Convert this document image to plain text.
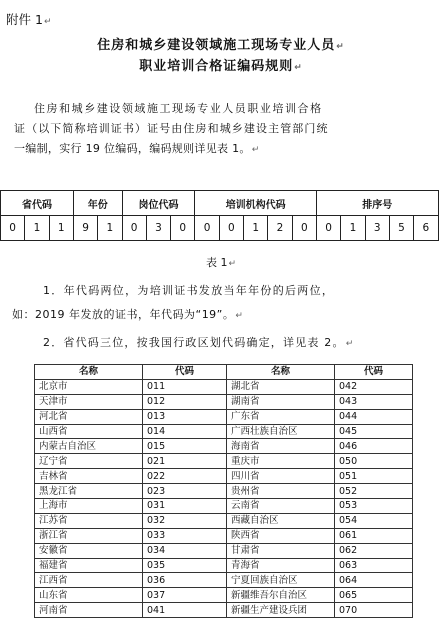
附件 1↵
住房和城乡建设领域施工现场专业人员↵
职业培训合格证编码规则↵
住房和城乡建设领域施工现场专业人员职业培训合格
证（以下简称培训证书）证号由住房和城乡建设主管部门统
一编制，实行 19 位编码，编码规则详见表 1。↵
省代码			年份		岗位代码			培训机构代码					排序号				
0	1	1	9	1	0	3	0	0	0	1	2	0	0	1	3	5	6
表 1↵
1．年代码两位，为培训证书发放当年年份的后两位，
如：2019 年发放的证书，年代码为“19”。↵
2．省代码三位，按我国行政区划代码确定，详见表 2。↵
名称	代码	名称	代码
北京市	011	湖北省	042
天津市	012	湖南省	043
河北省	013	广东省	044
山西省	014	广西壮族自治区	045
内蒙古自治区	015	海南省	046
辽宁省	021	重庆市	050
吉林省	022	四川省	051
黑龙江省	023	贵州省	052
上海市	031	云南省	053
江苏省	032	西藏自治区	054
浙江省	033	陕西省	061
安徽省	034	甘肃省	062
福建省	035	青海省	063
江西省	036	宁夏回族自治区	064
山东省	037	新疆维吾尔自治区	065
河南省	041	新疆生产建设兵团	070
